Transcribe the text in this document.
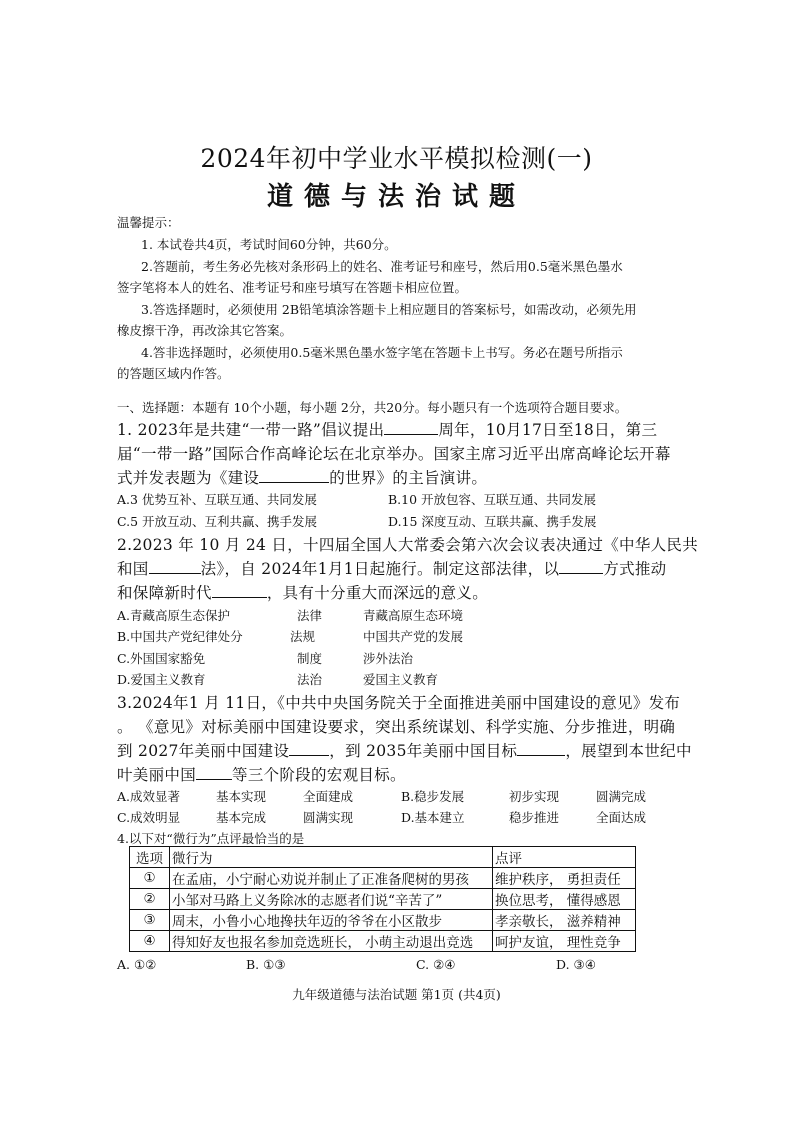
2024年初中学业水平模拟检测(一)
道德与法治试题
温馨提示：
1. 本试卷共4页，考试时间60分钟，共60分。
2.答题前，考生务必先核对条形码上的姓名、准考证号和座号，然后用0.5毫米黑色墨水
签字笔将本人的姓名、准考证号和座号填写在答题卡相应位置。
3.答选择题时，必须使用 2B铅笔填涂答题卡上相应题目的答案标号，如需改动，必须先用
橡皮擦干净，再改涂其它答案。
4.答非选择题时，必须使用0.5毫米黑色墨水签字笔在答题卡上书写。务必在题号所指示
的答题区域内作答。
一、选择题：本题有 10个小题，每小题 2分，共20分。每小题只有一个选项符合题目要求。
1. 2023年是共建“一带一路”倡议提出	周年，10月17日至18日，第三
届“一带一路”国际合作高峰论坛在北京举办。国家主席习近平出席高峰论坛开幕
式并发表题为《建设	的世界》的主旨演讲。
A.3 优势互补、互联互通、共同发展	B.10 开放包容、互联互通、共同发展
C.5 开放互动、互利共赢、携手发展	D.15 深度互动、互联共赢、携手发展
2.2023 年 10 月 24 日，十四届全国人大常委会第六次会议表决通过《中华人民共
和国	法》，自 2024年1月1日起施行。制定这部法律，以	方式推动
和保障新时代	，具有十分重大而深远的意义。
A.青藏高原生态保护	法律	青藏高原生态环境
B.中国共产党纪律处分	法规	中国共产党的发展
C.外国国家豁免	制度	涉外法治
D.爱国主义教育	法治	爱国主义教育
3.2024年1 月 11日，《中共中央国务院关于全面推进美丽中国建设的意见》发布
。 《意见》对标美丽中国建设要求，突出系统谋划、科学实施、分步推进，明确
到 2027年美丽中国建设	，到 2035年美丽中国目标	，展望到本世纪中
叶美丽中国 等三个阶段的宏观目标。
A.成效显著	基本实现	全面建成	B.稳步发展	初步实现	圆满完成
C.成效明显	基本完成	圆满实现	D.基本建立	稳步推进	全面达成
4.以下对“微行为”点评最恰当的是
选项	微行为	点评
①	在孟庙，小宁耐心劝说并制止了正准备爬树的男孩	维护秩序， 勇担责任
②	小邹对马路上义务除冰的志愿者们说“辛苦了”	换位思考， 懂得感恩
③	周末，小鲁小心地搀扶年迈的爷爷在小区散步	孝亲敬长， 滋养精神
④	得知好友也报名参加竞选班长， 小萌主动退出竞选	呵护友谊， 理性竞争
A. ①②	B. ①③	C. ②④	D. ③④
九年级道德与法治试题 第1页 (共4页)
